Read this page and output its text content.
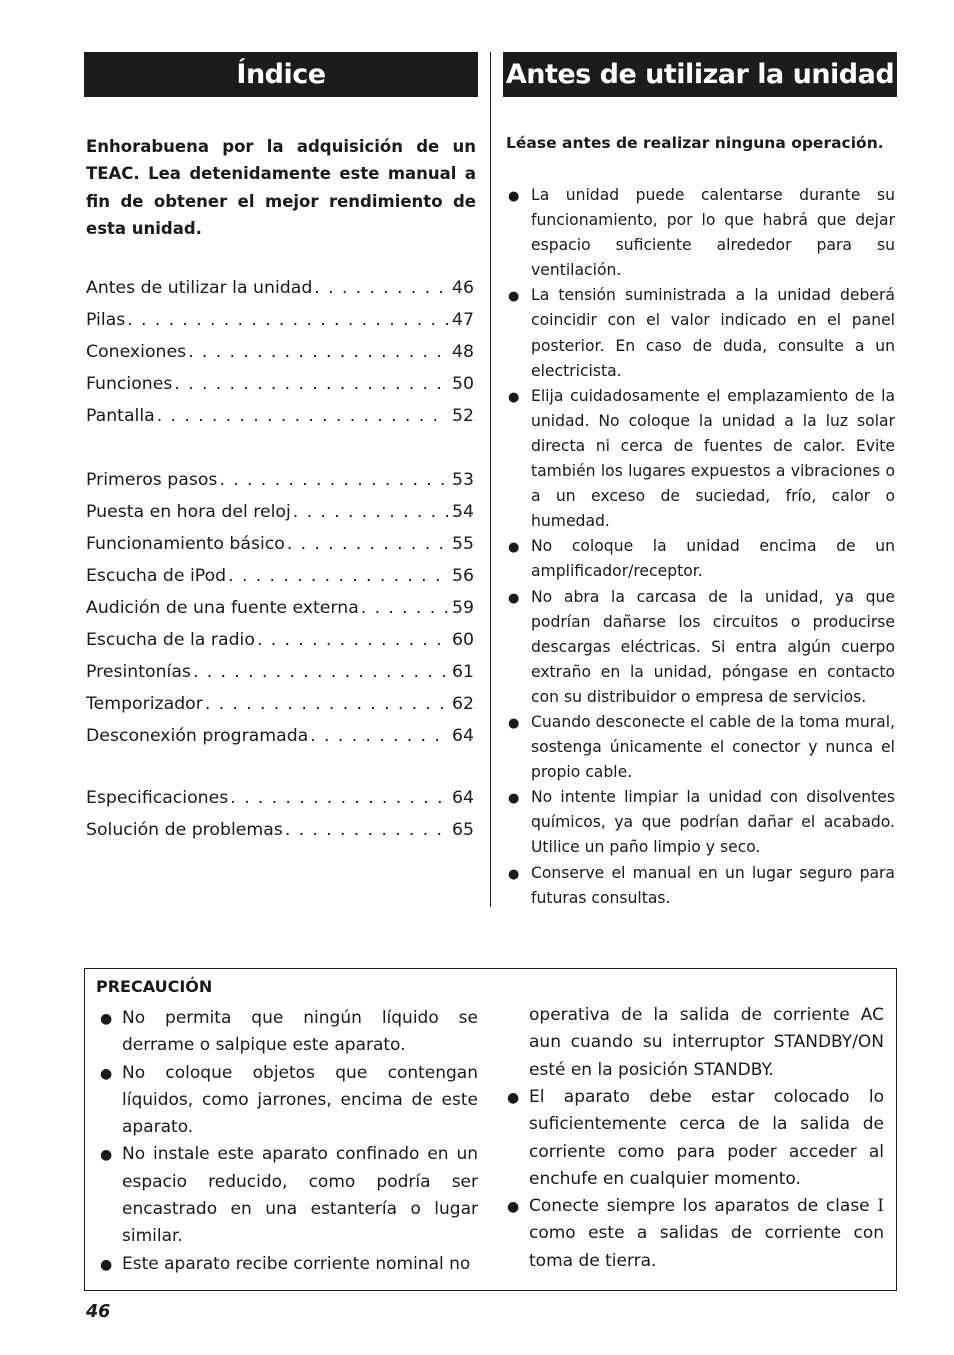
Índice	Antes de utilizar la unidad
Enhorabuena por la adquisición de un TEAC. Lea detenidamente este manual a fin de obtener el mejor rendimiento de esta unidad.
Antes de utilizar la unidad . . .	46
Pilas . . .	47
Conexiones . . .	48
Funciones . . .	50
Pantalla . . .	52
Primeros pasos . . .	53
Puesta en hora del reloj . . .	54
Funcionamiento básico . . .	55
Escucha de iPod . . .	56
Audición de una fuente externa . . .	59
Escucha de la radio . . .	60
Presintonías . . .	61
Temporizador . . .	62
Desconexión programada . . .	64
Especificaciones . . .	64
Solución de problemas . . .	65
Léase antes de realizar ninguna operación.
● La unidad puede calentarse durante su funcionamiento, por lo que habrá que dejar espacio suficiente alrededor para su ventilación.
● La tensión suministrada a la unidad deberá coincidir con el valor indicado en el panel posterior. En caso de duda, consulte a un electricista.
● Elija cuidadosamente el emplazamiento de la unidad. No coloque la unidad a la luz solar directa ni cerca de fuentes de calor. Evite también los lugares expuestos a vibraciones o a un exceso de suciedad, frío, calor o humedad.
● No coloque la unidad encima de un amplificador/receptor.
● No abra la carcasa de la unidad, ya que podrían dañarse los circuitos o producirse descargas eléctricas. Si entra algún cuerpo extraño en la unidad, póngase en contacto con su distribuidor o empresa de servicios.
● Cuando desconecte el cable de la toma mural, sostenga únicamente el conector y nunca el propio cable.
● No intente limpiar la unidad con disolventes químicos, ya que podrían dañar el acabado. Utilice un paño limpio y seco.
● Conserve el manual en un lugar seguro para futuras consultas.
PRECAUCIÓN
● No permita que ningún líquido se derrame o salpique este aparato.
● No coloque objetos que contengan líquidos, como jarrones, encima de este aparato.
● No instale este aparato confinado en un espacio reducido, como podría ser encastrado en una estantería o lugar similar.
● Este aparato recibe corriente nominal no
operativa de la salida de corriente AC aun cuando su interruptor STANDBY/ON esté en la posición STANDBY.
● El aparato debe estar colocado lo suficientemente cerca de la salida de corriente como para poder acceder al enchufe en cualquier momento.
● Conecte siempre los aparatos de clase I como este a salidas de corriente con toma de tierra.
46
